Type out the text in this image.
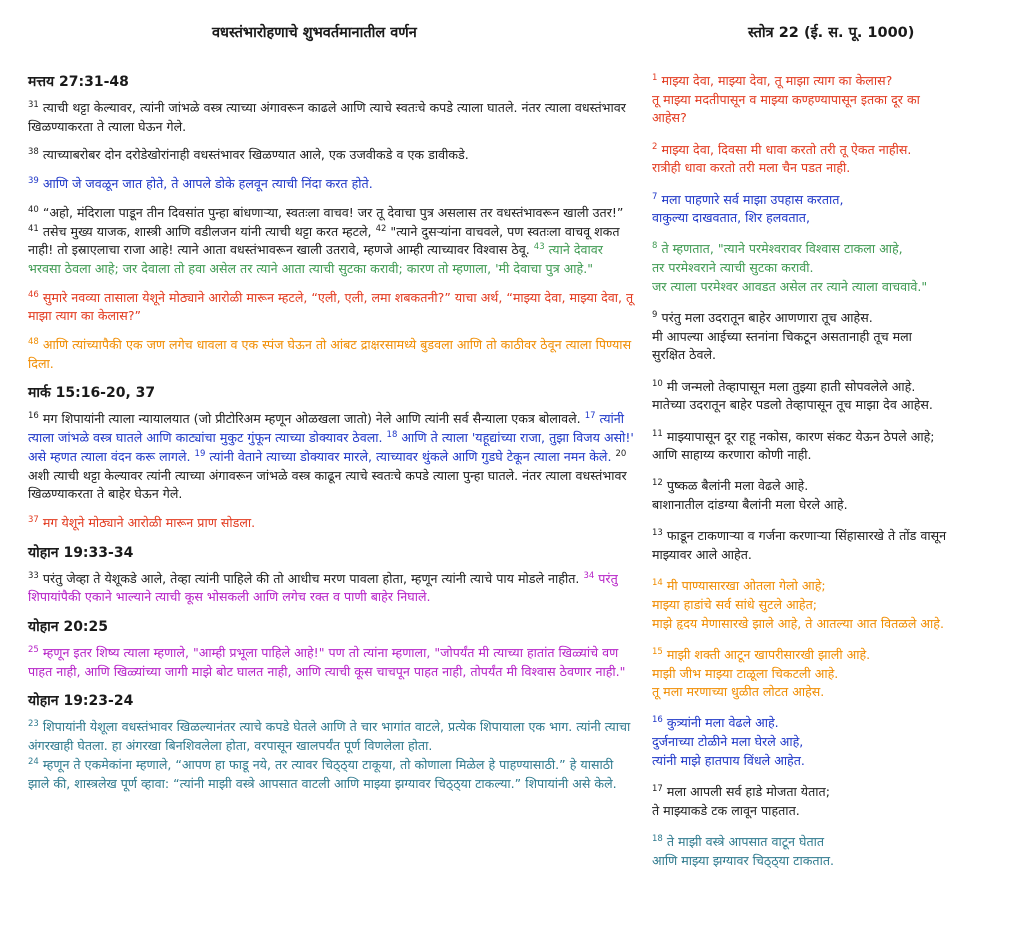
वधस्तंभारोहणाचे शुभवर्तमानातील वर्णन	स्तोत्र 22 (ई. स. पू. 1000)
मत्तय 27:31-48

$^{31}$ त्याची थट्टा केल्यावर, त्यांनी जांभळे वस्त्र त्याच्या अंगावरून काढले आणि त्याचे स्वतःचे कपडे त्याला घातले. नंतर त्याला वधस्तंभावर खिळण्याकरता ते त्याला घेऊन गेले.

$^{38}$ त्याच्याबरोबर दोन दरोडेखोरांनाही वधस्तंभावर खिळण्यात आले, एक उजवीकडे व एक डावीकडे.

$^{39}$ आणि जे जवळून जात होते, ते आपले डोके हलवून त्याची निंदा करत होते.

$^{40}$ “अहो, मंदिराला पाडून तीन दिवसांत पुन्हा बांधणाऱ्या, स्वतःला वाचव! जर तू देवाचा पुत्र असलास तर वधस्तंभावरून खाली उतर!” $^{41}$ तसेच मुख्य याजक, शास्त्री आणि वडीलजन यांनी त्याची थट्टा करत म्हटले, $^{42}$ "त्याने दुसऱ्यांना वाचवले, पण स्वतःला वाचवू शकत नाही! तो इस्राएलाचा राजा आहे! त्याने आता वधस्तंभावरून खाली उतरावे, म्हणजे आम्ही त्याच्यावर विश्वास ठेवू. $^{43}$ त्याने देवावर भरवसा ठेवला आहे; जर देवाला तो हवा असेल तर त्याने आता त्याची सुटका करावी; कारण तो म्हणाला, 'मी देवाचा पुत्र आहे."

$^{46}$ सुमारे नवव्या तासाला येशूने मोठ्याने आरोळी मारून म्हटले, “एली, एली, लमा शबकतनी?” याचा अर्थ, “माझ्या देवा, माझ्या देवा, तू माझा त्याग का केलास?”

$^{48}$ आणि त्यांच्यापैकी एक जण लगेच धावला व एक स्पंज घेऊन तो आंबट द्राक्षरसामध्ये बुडवला आणि तो काठीवर ठेवून त्याला पिण्यास दिला.

मार्क 15:16-20, 37

$^{16}$ मग शिपायांनी त्याला न्यायालयात (जो प्रीटोरिअम म्हणून ओळखला जातो) नेले आणि त्यांनी सर्व सैन्याला एकत्र बोलावले. $^{17}$ त्यांनी त्याला जांभळे वस्त्र घातले आणि काट्यांचा मुकुट गुंफून त्याच्या डोक्यावर ठेवला. $^{18}$ आणि ते त्याला 'यहूद्यांच्या राजा, तुझा विजय असो!' असे म्हणत त्याला वंदन करू लागले. $^{19}$ त्यांनी वेताने त्याच्या डोक्यावर मारले, त्याच्यावर थुंकले आणि गुडघे टेकून त्याला नमन केले. $^{20}$ अशी त्याची थट्टा केल्यावर त्यांनी त्याच्या अंगावरून जांभळे वस्त्र काढून त्याचे स्वतःचे कपडे त्याला पुन्हा घातले. नंतर त्याला वधस्तंभावर खिळण्याकरता ते बाहेर घेऊन गेले.

$^{37}$ मग येशूने मोठ्याने आरोळी मारून प्राण सोडला.

योहान 19:33-34

$^{33}$ परंतु जेव्हा ते येशूकडे आले, तेव्हा त्यांनी पाहिले की तो आधीच मरण पावला होता, म्हणून त्यांनी त्याचे पाय मोडले नाहीत. $^{34}$ परंतु शिपायांपैकी एकाने भाल्याने त्याची कूस भोसकली आणि लगेच रक्त व पाणी बाहेर निघाले.

योहान 20:25

$^{25}$ म्हणून इतर शिष्य त्याला म्हणाले, "आम्ही प्रभूला पाहिले आहे!" पण तो त्यांना म्हणाला, "जोपर्यंत मी त्याच्या हातांत खिळ्यांचे वण पाहत नाही, आणि खिळ्यांच्या जागी माझे बोट घालत नाही, आणि त्याची कूस चाचपून पाहत नाही, तोपर्यंत मी विश्वास ठेवणार नाही."

योहान 19:23-24

$^{23}$ शिपायांनी येशूला वधस्तंभावर खिळल्यानंतर त्याचे कपडे घेतले आणि ते चार भागांत वाटले, प्रत्येक शिपायाला एक भाग. त्यांनी त्याचा अंगरखाही घेतला. हा अंगरखा बिनशिवलेला होता, वरपासून खालपर्यंत पूर्ण विणलेला होता.
$^{24}$ म्हणून ते एकमेकांना म्हणाले, “आपण हा फाडू नये, तर त्यावर चिठ्ठ्या टाकूया, तो कोणाला मिळेल हे पाहण्यासाठी.” हे यासाठी झाले की, शास्त्रलेख पूर्ण व्हावा: “त्यांनी माझी वस्त्रे आपसात वाटली आणि माझ्या झग्यावर चिठ्ठ्या टाकल्या.” शिपायांनी असे केले.

$^1$ माझ्या देवा, माझ्या देवा, तू माझा त्याग का केलास?
तू माझ्या मदतीपासून व माझ्या कण्हण्यापासून इतका दूर का
आहेस?

$^2$ माझ्या देवा, दिवसा मी धावा करतो तरी तू ऐकत नाहीस.
रात्रीही धावा करतो तरी मला चैन पडत नाही.

$^7$ मला पाहणारे सर्व माझा उपहास करतात,
वाकुल्या दाखवतात, शिर हलवतात,

$^8$ ते म्हणतात, "त्याने परमेश्वरावर विश्वास टाकला आहे,
तर परमेश्वराने त्याची सुटका करावी.
जर त्याला परमेश्वर आवडत असेल तर त्याने त्याला वाचवावे."

$^9$ परंतु मला उदरातून बाहेर आणणारा तूच आहेस.
मी आपल्या आईच्या स्तनांना चिकटून असतानाही तूच मला
सुरक्षित ठेवले.

$^{10}$ मी जन्मलो तेव्हापासून मला तुझ्या हाती सोपवलेले आहे.
मातेच्या उदरातून बाहेर पडलो तेव्हापासून तूच माझा देव आहेस.

$^{11}$ माझ्यापासून दूर राहू नकोस, कारण संकट येऊन ठेपले आहे;
आणि साहाय्य करणारा कोणी नाही.

$^{12}$ पुष्कळ बैलांनी मला वेढले आहे.
बाशानातील दांडग्या बैलांनी मला घेरले आहे.

$^{13}$ फाडून टाकणाऱ्या व गर्जना करणाऱ्या सिंहासारखे ते तोंड वासून
माझ्यावर आले आहेत.

$^{14}$ मी पाण्यासारखा ओतला गेलो आहे;
माझ्या हाडांचे सर्व सांधे सुटले आहेत;
माझे हृदय मेणासारखे झाले आहे, ते आतल्या आत वितळले आहे.

$^{15}$ माझी शक्ती आटून खापरीसारखी झाली आहे.
माझी जीभ माझ्या टाळूला चिकटली आहे.
तू मला मरणाच्या धुळीत लोटत आहेस.

$^{16}$ कुत्र्यांनी मला वेढले आहे.
दुर्जनाच्या टोळीने मला घेरले आहे,
त्यांनी माझे हातपाय विंधले आहेत.

$^{17}$ मला आपली सर्व हाडे मोजता येतात;
ते माझ्याकडे टक लावून पाहतात.

$^{18}$ ते माझी वस्त्रे आपसात वाटून घेतात
आणि माझ्या झग्यावर चिठ्ठ्या टाकतात.
